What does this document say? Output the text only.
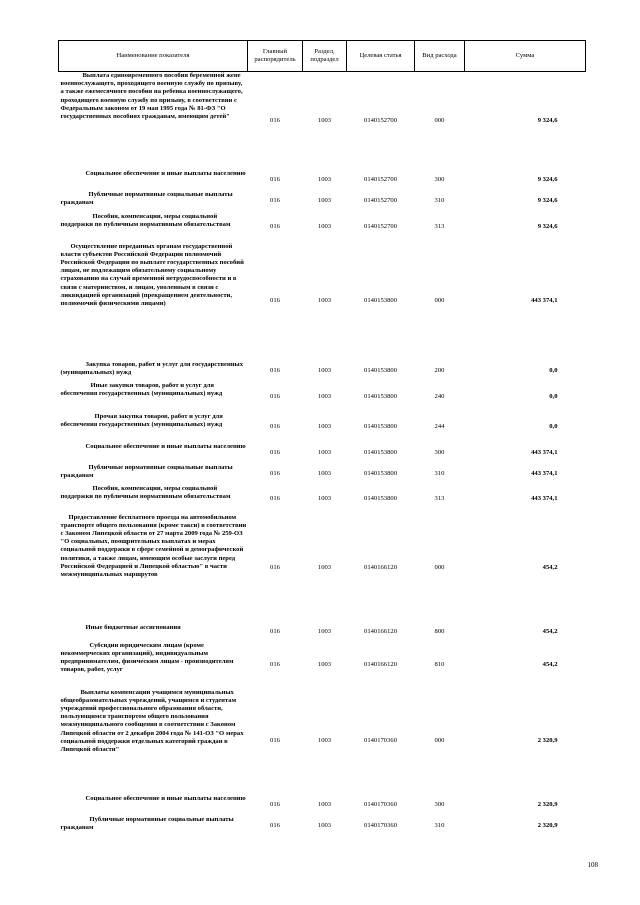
Наименование показателя	Главный распорядитель	Раздел, подраздел	Целевая статья	Вид расхода	Сумма
Выплата единовременного пособия беременной жене военнослужащего, проходящего военную службу по призыву, а также ежемесячного пособия на ребенка военнослужащего, проходящего военную службу по призыву, в соответствии с Федеральным законом от 19 мая 1995 года № 81-ФЗ "О государственных пособиях гражданам, имеющим детей"	016	1003	0140152700	000	9 324,6
Социальное обеспечение и иные выплаты населению	016	1003	0140152700	300	9 324,6
Публичные нормативные социальные выплаты гражданам	016	1003	0140152700	310	9 324,6
Пособия, компенсации, меры социальной поддержки по публичным нормативным обязательствам	016	1003	0140152700	313	9 324,6
Осуществление переданных органам государственной власти субъектов Российской Федерации полномочий Российской Федерации по выплате государственных пособий лицам, не подлежащим обязательному социальному страхованию на случай временной нетрудоспособности и в связи с материнством, и лицам, уволенным в связи с ликвидацией организаций (прекращением деятельности, полномочий физическими лицами)	016	1003	0140153800	000	443 374,1
Закупка товаров, работ и услуг для государственных (муниципальных) нужд	016	1003	0140153800	200	0,0
Иные закупки товаров, работ и услуг для обеспечения государственных (муниципальных) нужд	016	1003	0140153800	240	0,0
Прочая закупка товаров, работ и услуг для обеспечения государственных (муниципальных) нужд	016	1003	0140153800	244	0,0
Социальное обеспечение и иные выплаты населению	016	1003	0140153800	300	443 374,1
Публичные нормативные социальные выплаты гражданам	016	1003	0140153800	310	443 374,1
Пособия, компенсации, меры социальной поддержки по публичным нормативным обязательствам	016	1003	0140153800	313	443 374,1
Предоставление бесплатного проезда на автомобильном транспорте общего пользования (кроме такси) в соответствии с Законом Липецкой области от 27 марта 2009 года № 259-ОЗ "О социальных, поощрительных выплатах и мерах социальной поддержки в сфере семейной и демографической политики, а также лицам, имеющим особые заслуги перед Российской Федерацией и Липецкой областью" в части межмуниципальных маршрутов	016	1003	0140166120	000	454,2
Иные бюджетные ассигнования	016	1003	0140166120	800	454,2
Субсидии юридическим лицам (кроме некоммерческих организаций), индивидуальным предпринимателям, физическим лицам - производителям товаров, работ, услуг	016	1003	0140166120	810	454,2
Выплаты компенсации учащимся муниципальных общеобразовательных учреждений, учащимся и студентам учреждений профессионального образования области, пользующимся транспортом общего пользования межмуниципального сообщения в соответствии с Законом Липецкой области от 2 декабря 2004 года № 141-ОЗ "О мерах социальной поддержки отдельных категорий граждан в Липецкой области"	016	1003	0140170360	000	2 320,9
Социальное обеспечение и иные выплаты населению	016	1003	0140170360	300	2 320,9
Публичные нормативные социальные выплаты гражданам	016	1003	0140170360	310	2 320,9
108
